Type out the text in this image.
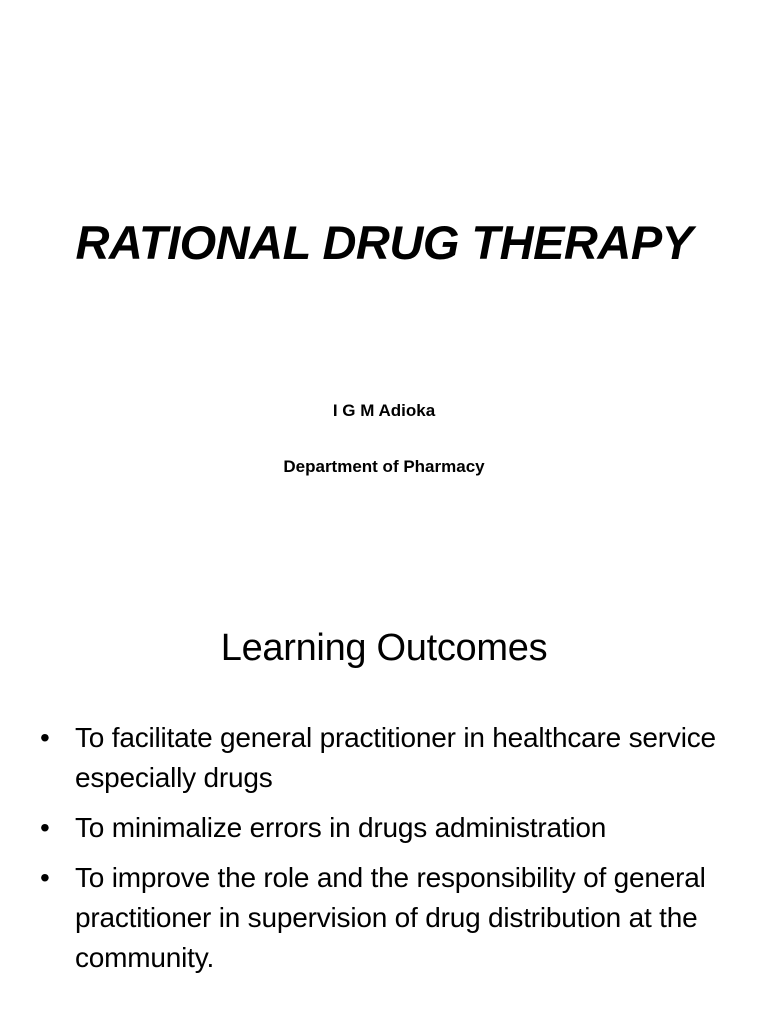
RATIONAL DRUG THERAPY
I G M Adioka
Department of Pharmacy
Learning Outcomes
• To facilitate general practitioner in healthcare service especially drugs
• To minimalize errors in drugs administration
• To improve the role and the responsibility of general practitioner in supervision of drug distribution at the community.
